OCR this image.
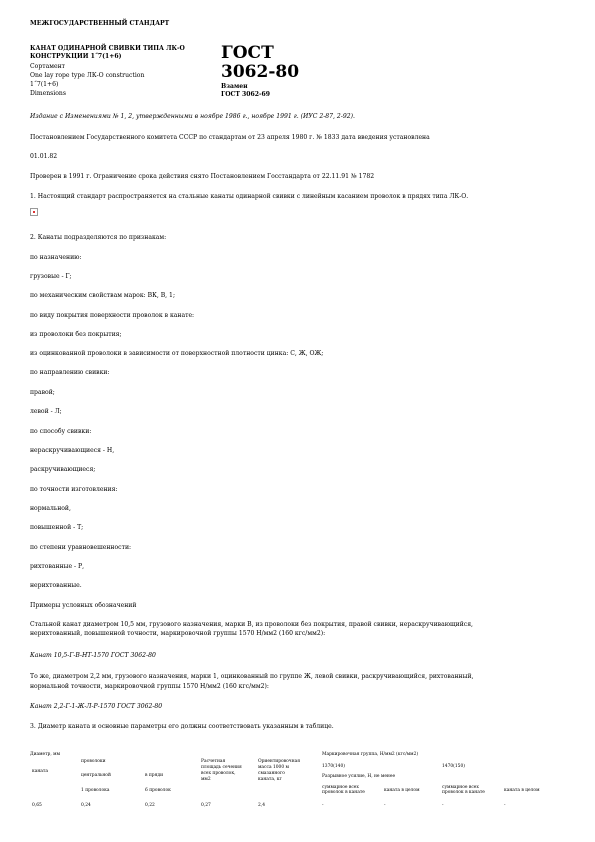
МЕЖГОСУДАРСТВЕННЫЙ СТАНДАРТ
КАНАТ ОДИНАРНОЙ СВИВКИ ТИПА ЛК-О
КОНСТРУКЦИИ 1˝7(1+6)
Сортамент
One lay rope type ЛК-О construction
1˝7(1+6)
Dimensions
ГОСТ
3062-80
Взамен
ГОСТ 3062-69
Издание с Изменениями № 1, 2, утвержденными в ноябре 1986 г., ноябре 1991 г. (ИУС 2-87, 2-92).
Постановлением Государственного комитета СССР по стандартам от 23 апреля 1980 г. № 1833 дата введения установлена
01.01.82
Проверен в 1991 г. Ограничение срока действия снято Постановлением Госстандарта от 22.11.91 № 1782
1. Настоящий стандарт распространяется на стальные канаты одинарной свивки с линейным касанием проволок в прядях типа ЛК-О.
2. Канаты подразделяются по признакам:
по назначению:
грузовые - Г;
по механическим свойствам марок: ВК, В, 1;
по виду покрытия поверхности проволок в канате:
из проволоки без покрытия;
из оцинкованной проволоки в зависимости от поверхностной плотности цинка: С, Ж, ОЖ;
по направлению свивки:
правой;
левой - Л;
по способу свивки:
нераскручивающиеся - Н,
раскручивающиеся;
по точности изготовления:
нормальной,
повышенной - Т;
по степени уравновешенности:
рихтованные - Р,
нерихтованные.
Примеры условных обозначений
Стальной канат диаметром 10,5 мм, грузового назначения, марки В, из проволоки без покрытия, правой свивки, нераскручивающийся,
нерихтованный, повышенной точности, маркировочной группы 1570 Н/мм2 (160 кгс/мм2):
Канат 10,5-Г-В-НТ-1570 ГОСТ 3062-80
То же, диаметром 2,2 мм, грузового назначения, марки 1, оцинкованный по группе Ж, левой свивки, раскручивающийся, рихтованный,
нормальной точности, маркировочной группы 1570 Н/мм2 (160 кгс/мм2):
Канат 2,2-Г-1-Ж-Л-Р-1570 ГОСТ 3062-80
3. Диаметр каната и основные параметры его должны соответствовать указанным в таблице.
Диаметр, мм
каната
проволоки
центральной	в пряди
1 проволока	6 проволок
Расчетная
площадь сечения
всех проволок,
мм2
Ориентировочная
масса 1000 м
смазанного
каната, кг
Маркировочная группа, Н/мм2 (кгс/мм2)
1370(140)	1470(150)
Разрывное усилие, Н, не менее
суммарное всех
проволок в канате	каната в целом
суммарное всех
проволок в канате	каната в целом
0,65	0,24	0,22	0,27	2,4	-	-	-	-
